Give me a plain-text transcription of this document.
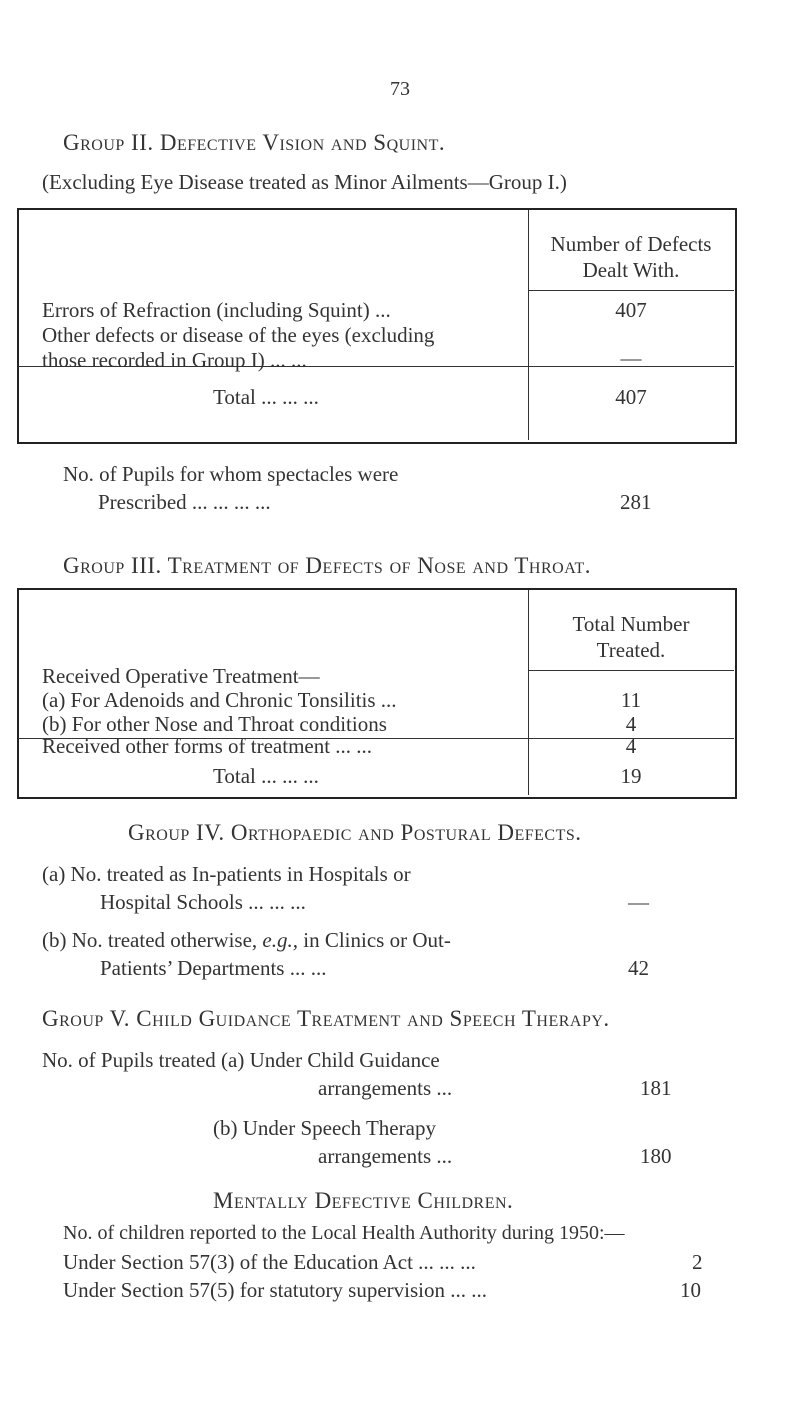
73
Group II. Defective Vision and Squint.
(Excluding Eye Disease treated as Minor Ailments—Group I.)
Number of Defects
Dealt With.
Errors of Refraction (including Squint) ...	407
Other defects or disease of the eyes (excluding
those recorded in Group I) ... ...	—
Total ... ... ...	407
No. of Pupils for whom spectacles were
Prescribed ... ... ... ...	281
Group III. Treatment of Defects of Nose and Throat.
Total Number
Treated.
Received Operative Treatment—
(a) For Adenoids and Chronic Tonsilitis ...	11
(b) For other Nose and Throat conditions	4
Received other forms of treatment ... ...	4
Total ... ... ...	19
Group IV. Orthopaedic and Postural Defects.
(a) No. treated as In-patients in Hospitals or
Hospital Schools ... ... ...	—
(b) No. treated otherwise, e.g., in Clinics or Out-
Patients’ Departments ... ...	42
Group V. Child Guidance Treatment and Speech Therapy.
No. of Pupils treated (a) Under Child Guidance
arrangements ...	181
(b) Under Speech Therapy
arrangements ...	180
Mentally Defective Children.
No. of children reported to the Local Health Authority during 1950:—
Under Section 57(3) of the Education Act ... ... ...	2
Under Section 57(5) for statutory supervision ... ...	10
